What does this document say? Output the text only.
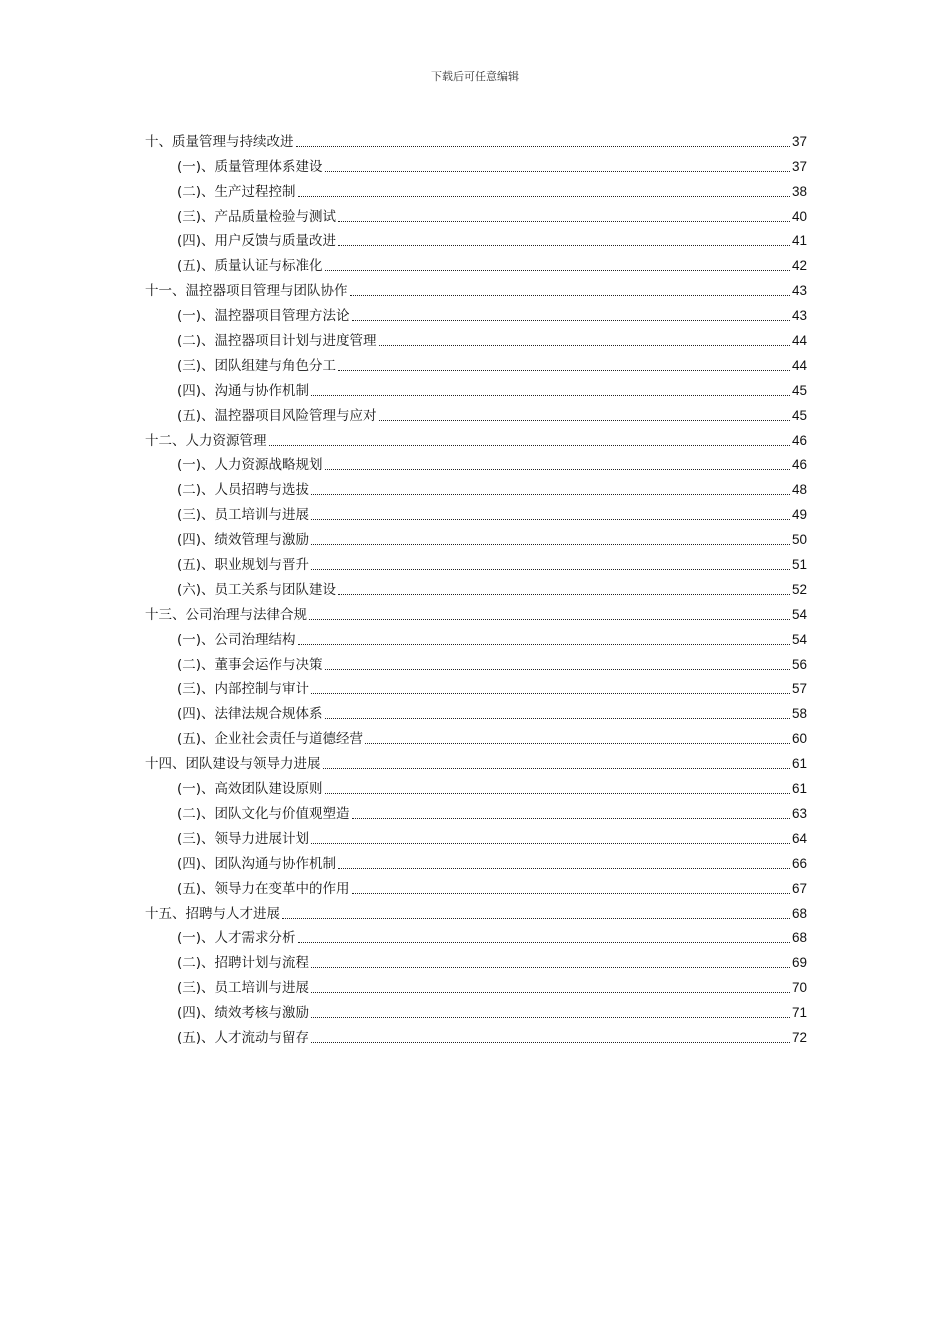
下载后可任意编辑
十、质量管理与持续改进	37
(一)、质量管理体系建设	37
(二)、生产过程控制	38
(三)、产品质量检验与测试	40
(四)、用户反馈与质量改进	41
(五)、质量认证与标准化	42
十一、温控器项目管理与团队协作	43
(一)、温控器项目管理方法论	43
(二)、温控器项目计划与进度管理	44
(三)、团队组建与角色分工	44
(四)、沟通与协作机制	45
(五)、温控器项目风险管理与应对	45
十二、人力资源管理	46
(一)、人力资源战略规划	46
(二)、人员招聘与选拔	48
(三)、员工培训与进展	49
(四)、绩效管理与激励	50
(五)、职业规划与晋升	51
(六)、员工关系与团队建设	52
十三、公司治理与法律合规	54
(一)、公司治理结构	54
(二)、董事会运作与决策	56
(三)、内部控制与审计	57
(四)、法律法规合规体系	58
(五)、企业社会责任与道德经营	60
十四、团队建设与领导力进展	61
(一)、高效团队建设原则	61
(二)、团队文化与价值观塑造	63
(三)、领导力进展计划	64
(四)、团队沟通与协作机制	66
(五)、领导力在变革中的作用	67
十五、招聘与人才进展	68
(一)、人才需求分析	68
(二)、招聘计划与流程	69
(三)、员工培训与进展	70
(四)、绩效考核与激励	71
(五)、人才流动与留存	72
